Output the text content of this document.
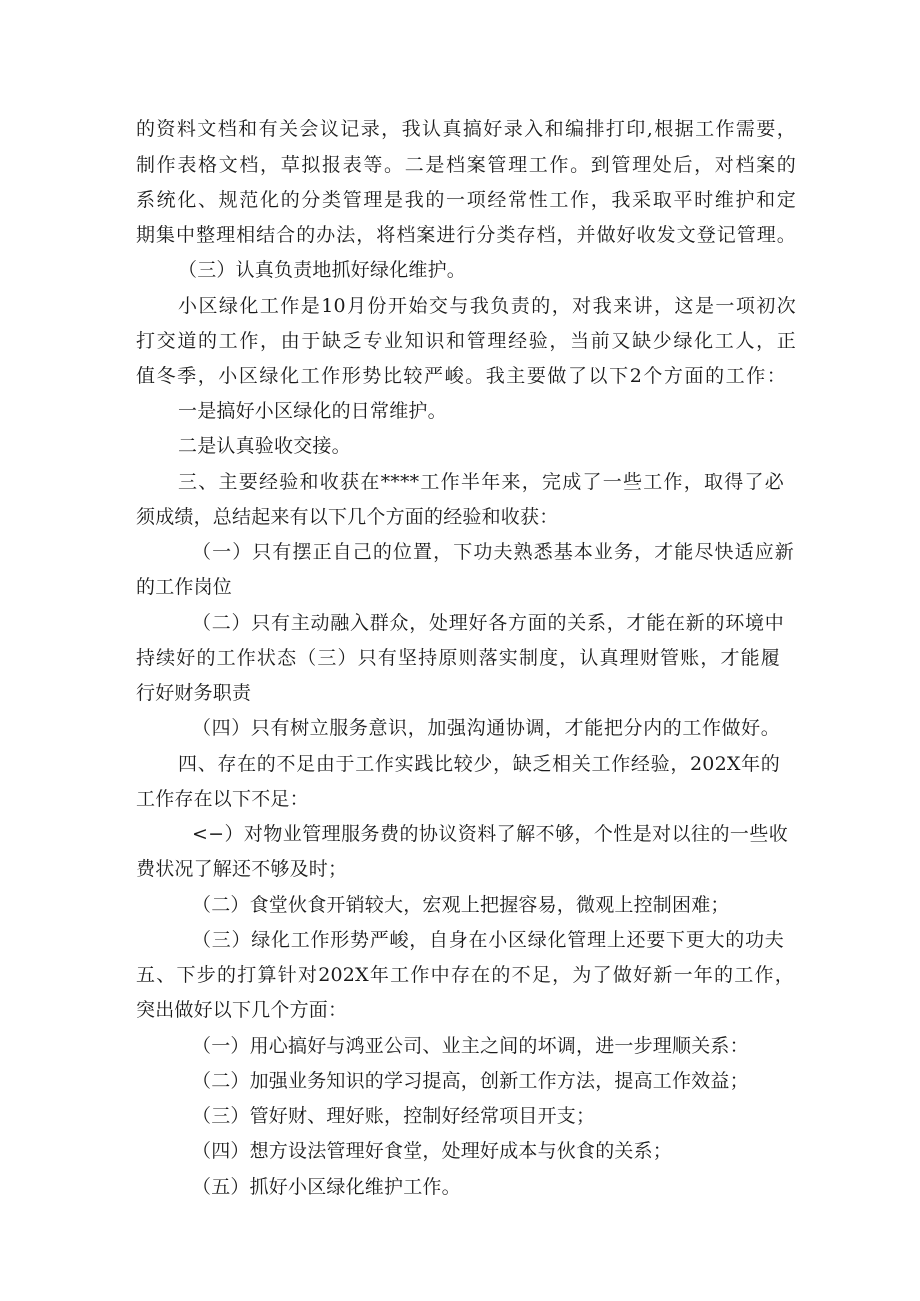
的资料文档和有关会议记录，我认真搞好录入和编排打印,根据工作需要，

制作表格文档，草拟报表等。二是档案管理工作。到管理处后，对档案的

系统化、规范化的分类管理是我的一项经常性工作，我采取平时维护和定

期集中整理相结合的办法，将档案进行分类存档，并做好收发文登记管理。

（三）认真负责地抓好绿化维护。

小区绿化工作是10月份开始交与我负责的，对我来讲，这是一项初次

打交道的工作，由于缺乏专业知识和管理经验，当前又缺少绿化工人，正

值冬季，小区绿化工作形势比较严峻。我主要做了以下2个方面的工作：

一是搞好小区绿化的日常维护。

二是认真验收交接。

三、主要经验和收获在****工作半年来，完成了一些工作，取得了必

须成绩，总结起来有以下几个方面的经验和收获：

（一）只有摆正自己的位置，下功夫熟悉基本业务，才能尽快适应新

的工作岗位

（二）只有主动融入群众，处理好各方面的关系，才能在新的环境中

持续好的工作状态（三）只有坚持原则落实制度，认真理财管账，才能履

行好财务职责

（四）只有树立服务意识，加强沟通协调，才能把分内的工作做好。

四、存在的不足由于工作实践比较少，缺乏相关工作经验，202X年的

工作存在以下不足：

<−）对物业管理服务费的协议资料了解不够，个性是对以往的一些收

费状况了解还不够及时；

（二）食堂伙食开销较大，宏观上把握容易，微观上控制困难；

（三）绿化工作形势严峻，自身在小区绿化管理上还要下更大的功夫

五、下步的打算针对202X年工作中存在的不足，为了做好新一年的工作，

突出做好以下几个方面：

（一）用心搞好与鸿亚公司、业主之间的坏调，进一步理顺关系：

（二）加强业务知识的学习提高，创新工作方法，提高工作效益；

（三）管好财、理好账，控制好经常项目开支；

（四）想方设法管理好食堂，处理好成本与伙食的关系；

（五）抓好小区绿化维护工作。
